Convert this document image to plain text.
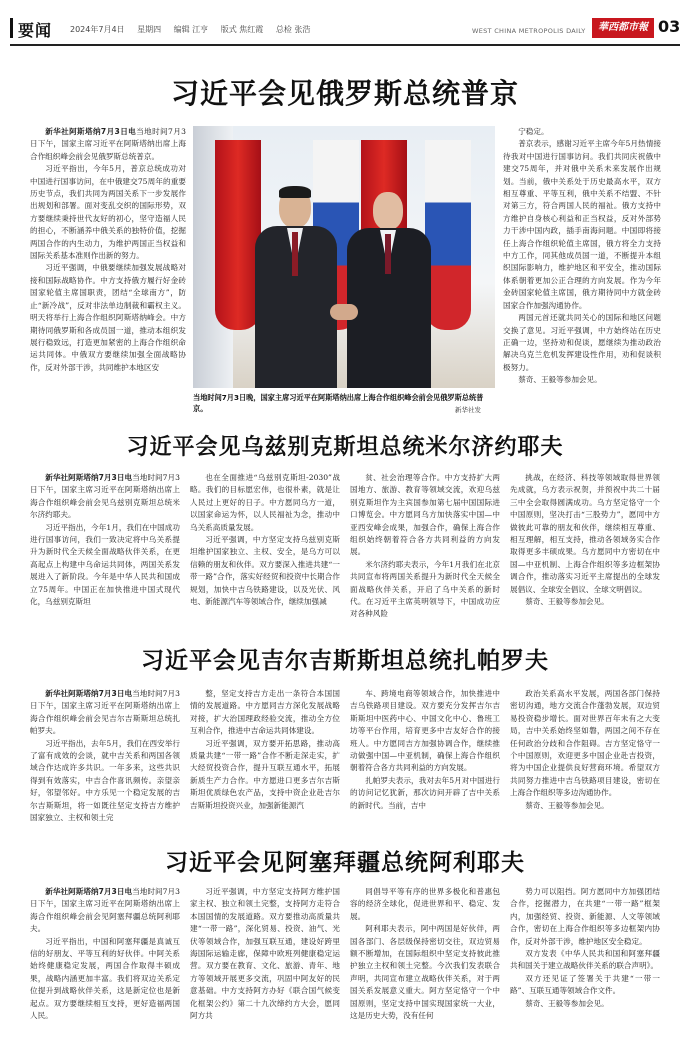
要闻 2024年7月4日 星期四 编辑 江亨 版式 焦红霞 总检 张浩	WEST CHINA METROPOLIS DAILY	華西都市報 03
习近平会见俄罗斯总统普京

新华社阿斯塔纳7月3日电当地时间7月3日下午，国家主席习近平在阿斯塔纳出席上海合作组织峰会前会见俄罗斯总统普京。

习近平指出，今年5月，普京总统成功对中国进行国事访问，在中俄建交75周年的重要历史节点，我们共同为两国关系下一步发展作出规划和部署。面对变乱交织的国际形势，双方要继续秉持世代友好的初心，坚守造福人民的担心，不断涵养中俄关系的独特价值，挖掘两国合作的内生动力，为维护两国正当权益和国际关系基本准则作出新的努力。

习近平强调，中俄要继续加强发展战略对接和国际战略协作。中方支持俄方履行好金砖国家轮值主席国职责，团结“全球南方”，防止“新冷战”，反对非法单边制裁和霸权主义。明天将举行上海合作组织阿斯塔纳峰会。中方期待同俄罗斯和各成员国一道，推动本组织发展行稳致远，打造更加紧密的上海合作组织命运共同体。中俄双方要继续加强全面战略协作，反对外部干涉，共同维护本地区安

宁稳定。

普京表示，感谢习近平主席今年5月热情接待我对中国进行国事访问。我们共同庆祝俄中建交75周年，并对俄中关系未来发展作出规划。当前，俄中关系处于历史最高水平，双方相互尊重、平等互利，俄中关系不结盟、不针对第三方，符合两国人民的福祉。俄方支持中方维护自身核心利益和正当权益，反对外部势力干涉中国内政，插手南海问题。中国即将接任上海合作组织轮值主席国，俄方将全力支持中方工作，同其他成员国一道，不断提升本组织国际影响力，维护地区和平安全，推动国际体系朝着更加公正合理的方向发展。作为今年金砖国家轮值主席国，俄方期待同中方就金砖国家合作加强沟通协作。

两国元首还就共同关心的国际和地区问题交换了意见。习近平强调，中方始终站在历史正确一边，坚持劝和促谈，愿继续为推动政治解决乌克兰危机发挥建设性作用，劝和促谈积极努力。

蔡奇、王毅等参加会见。

当地时间7月3日晚，国家主席习近平在阿斯塔纳出席上海合作组织峰会前会见俄罗斯总统普京。	新华社发
习近平会见乌兹别克斯坦总统米尔济约耶夫

新华社阿斯塔纳7月3日电当地时间7月3日下午，国家主席习近平在阿斯塔纳出席上海合作组织峰会前会见乌兹别克斯坦总统米尔济约耶夫。

习近平指出，今年1月，我们在中国成功进行国事访问，我们一致决定将中乌关系提升为新时代全天候全面战略伙伴关系，在更高起点上构建中乌命运共同体，两国关系发展进入了新阶段。今年是中华人民共和国成立75周年。中国正在加快推进中国式现代化，乌兹别克斯坦

也在全面推进“乌兹别克斯坦-2030”战略。我们的目标愿宏伟，也很朴素，就是让人民过上更好的日子。中方愿同乌方一道，以国家命运为怀，以人民福祉为念，推动中乌关系高质量发展。

习近平强调，中方坚定支持乌兹别克斯坦维护国家独立、主权、安全，是乌方可以信赖的朋友和伙伴。双方要深入推进共建“一带一路”合作，落实好经贸和投资中长期合作规划，加快中吉乌铁路建设，以及光伏、风电、新能源汽车等领域合作，继续加强减

贫、社会治理等合作。中方支持扩大两国地方、旅游、教育等领域交流，欢迎乌兹别克斯坦作为主宾国参加第七届中国国际进口博览会。中方愿同乌方加快落实中国—中亚西安峰会成果，加强合作，确保上海合作组织始终朝着符合各方共同利益的方向发展。

米尔济约耶夫表示，今年1月我们在北京共同宣布将两国关系提升为新时代全天候全面战略伙伴关系，开启了乌中关系的新时代。在习近平主席英明领导下，中国成功应对各种风险

挑战，在经济、科技等领域取得世界领先成就，乌方表示祝贺，并预祝中共二十届三中全会取得圆满成功。乌方坚定恪守一个中国原则，坚决打击“三股势力”，愿同中方做彼此可靠的朋友和伙伴，继续相互尊重、相互理解，相互支持，推动各领域务实合作取得更多丰硕成果。乌方愿同中方密切在中国—中亚机制、上海合作组织等多边框架协调合作，推动落实习近平主席提出的全球发展倡议、全球安全倡议、全球文明倡议。

蔡奇、王毅等参加会见。

习近平会见吉尔吉斯斯坦总统扎帕罗夫

新华社阿斯塔纳7月3日电当地时间7月3日下午，国家主席习近平在阿斯塔纳出席上海合作组织峰会前会见吉尔吉斯斯坦总统扎帕罗夫。

习近平指出，去年5月，我们在西安举行了富有成效的会谈，就中吉关系和两国各领域合作达成许多共识。一年多来，这些共识得到有效落实，中吉合作喜讯频传。亲望亲好，邻望邻好。中方乐见一个稳定发展的吉尔吉斯斯坦，将一如既往坚定支持吉方维护国家独立、主权和领土完

整，坚定支持吉方走出一条符合本国国情的发展道路。中方愿同吉方深化发展战略对接，扩大治国理政经验交流，推动全方位互利合作，推进中吉命运共同体建设。

习近平强调，双方要开拓思路，推动高质量共建“一带一路”合作不断走深走实，扩大经贸投资合作，提升互联互通水平，拓展新质生产力合作。中方愿进口更多吉尔吉斯斯坦优质绿色农产品，支持中资企业赴吉尔吉斯斯坦投资兴业，加强新能源汽

车、跨境电商等领域合作，加快推进中吉乌铁路项目建设。双方要充分发挥吉尔吉斯斯坦中医药中心、中国文化中心、鲁班工坊等平台作用，培育更多中吉友好合作的接班人。中方愿同吉方加强协调合作，继续推动做强中国—中亚机制，确保上海合作组织朝着符合各方共同利益的方向发展。

扎帕罗夫表示，我对去年5月对中国进行的访问记忆犹新，那次访问开辟了吉中关系的新时代。当前，吉中

政治关系高水平发展，两国各部门保持密切沟通，地方交流合作蓬勃发展，双边贸易投资稳步增长。面对世界百年未有之大变局，吉中关系始终坚如磐，两国之间不存在任何政治分歧和合作阻碍。吉方坚定恪守一个中国原则，欢迎更多中国企业赴吉投资，将为中国企业提供良好营商环境。希望双方共同努力推进中吉乌铁路项目建设，密切在上海合作组织等多边沟通协作。

蔡奇、王毅等参加会见。

习近平会见阿塞拜疆总统阿利耶夫

新华社阿斯塔纳7月3日电当地时间7月3日下午，国家主席习近平在阿斯塔纳出席上海合作组织峰会前会见阿塞拜疆总统阿利耶夫。

习近平指出，中国和阿塞拜疆是真诚互信的好朋友、平等互利的好伙伴。中阿关系始终健康稳定发展，两国合作取得丰硕成果，战略内涵更加丰富。我们将双边关系定位提升到战略伙伴关系，这是新定位也是新起点。双方要继续相互支持，更好造福两国人民。

习近平强调，中方坚定支持阿方维护国家主权、独立和领土完整，支持阿方走符合本国国情的发展道路。双方要推动高质量共建“一带一路”，深化贸易、投资、油气、光伏等领域合作，加强互联互通，建设好跨里海国际运输走廊，保障中欧班列健康稳定运营。双方要在教育、文化、旅游、青年、地方等领域开展更多交流，巩固中阿友好的民意基础。中方支持阿方办好《联合国气候变化框架公约》第二十九次缔约方大会，愿同阿方共

同倡导平等有序的世界多极化和普惠包容的经济全球化，促进世界和平、稳定、发展。

阿利耶夫表示，阿中两国是好伙伴，两国各部门、各层级保持密切交往，双边贸易额不断增加，在国际组织中坚定支持彼此推护独立主权和领土完整。今次我们发表联合声明，共同宣布建立战略伙伴关系，对于两国关系发展意义重大。阿方坚定恪守一个中国原则，坚定支持中国实现国家统一大业，这是历史大势，没有任何

势力可以阻挡。阿方愿同中方加强团结合作，挖掘潜力，在共建“一带一路”框架内，加强经贸、投资、新能源、人文等领域合作，密切在上海合作组织等多边框架内协作，反对外部干涉，维护地区安全稳定。

双方发表《中华人民共和国和阿塞拜疆共和国关于建立战略伙伴关系的联合声明》。

双方还见证了签署关于共建“一带一路”、互联互通等领域合作文件。

蔡奇、王毅等参加会见。
